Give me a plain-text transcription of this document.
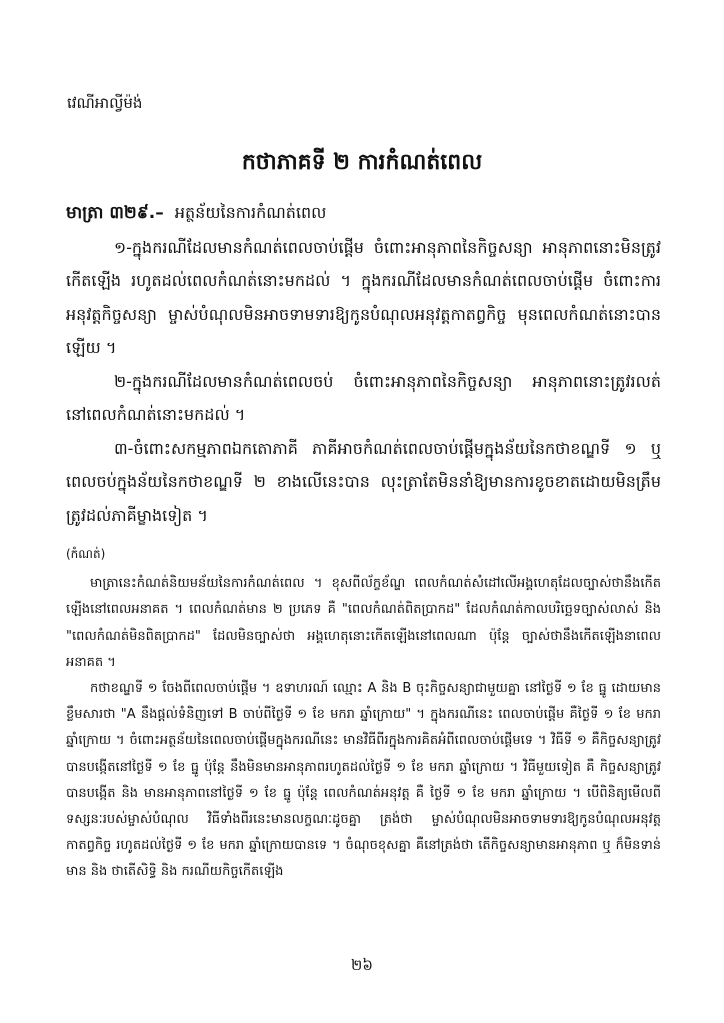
វេណីអាល្វីម៉ង់
កថាភាគទី ២ ការកំណត់ពេល

មាត្រា ៣២៩.– អត្ថន័យនៃការកំណត់ពេល

១-ក្នុងករណីដែលមានកំណត់ពេលចាប់ផ្តើម ចំពោះអានុភាពនៃកិច្ចសន្យា អានុភាពនោះមិនត្រូវកើតឡើង រហូតដល់ពេលកំណត់នោះមកដល់ ។ ក្នុងករណីដែលមានកំណត់ពេលចាប់ផ្តើម ចំពោះការអនុវត្តកិច្ចសន្យា ម្ចាស់បំណុលមិនអាចទាមទារឱ្យកូនបំណុលអនុវត្តកាតព្វកិច្ច មុនពេលកំណត់នោះបានឡើយ ។

២-ក្នុងករណីដែលមានកំណត់ពេលចប់ ចំពោះអានុភាពនៃកិច្ចសន្យា អានុភាពនោះត្រូវរលត់នៅពេលកំណត់នោះមកដល់ ។

៣-ចំពោះសកម្មភាពឯកតោភាគី ភាគីអាចកំណត់ពេលចាប់ផ្តើមក្នុងន័យនៃកថាខណ្ឌទី ១ ឬ ពេលចប់ក្នុងន័យនៃកថាខណ្ឌទី ២ ខាងលើនេះបាន លុះត្រាតែមិននាំឱ្យមានការខូចខាតដោយមិនត្រឹមត្រូវដល់ភាគីម្ខាងទៀត ។

(កំណត់)

មាត្រានេះកំណត់និយមន័យនៃការកំណត់ពេល ។ ខុសពីល័ក្ខខ័ណ្ឌ ពេលកំណត់សំដៅលើអង្គហេតុដែលច្បាស់ថានឹងកើតឡើងនៅពេលអនាគត ។ ពេលកំណត់មាន ២ ប្រភេទ គឺ "ពេលកំណត់ពិតប្រាកដ" ដែលកំណត់កាលបរិច្ឆេទច្បាស់លាស់ និង "ពេលកំណត់មិនពិតប្រាកដ" ដែលមិនច្បាស់ថា អង្គហេតុនោះកើតឡើងនៅពេលណា ប៉ុន្តែ ច្បាស់ថានឹងកើតឡើងនាពេលអនាគត ។

កថាខណ្ឌទី ១ ចែងពីពេលចាប់ផ្តើម ។ ឧទាហរណ៍ ឈ្មោះ A និង B ចុះកិច្ចសន្យាជាមួយគ្នា នៅថ្ងៃទី ១ ខែ ធ្នូ ដោយមានខ្លឹមសារថា "A នឹងផ្តល់ទំនិញទៅ B ចាប់ពីថ្ងៃទី ១ ខែ មករា ឆ្នាំក្រោយ" ។ ក្នុងករណីនេះ ពេលចាប់ផ្តើម គឺថ្ងៃទី ១ ខែ មករា ឆ្នាំក្រោយ ។ ចំពោះអត្ថន័យនៃពេលចាប់ផ្តើមក្នុងករណីនេះ មានវិធីពីរក្នុងការគិតអំពីពេលចាប់ផ្តើមទេ ។ វិធីទី ១ គឺកិច្ចសន្យាត្រូវបានបង្កើតនៅថ្ងៃទី ១ ខែ ធ្នូ ប៉ុន្តែ នឹងមិនមានអានុភាពរហូតដល់ថ្ងៃទី ១ ខែ មករា ឆ្នាំក្រោយ ។ វិធីមួយទៀត គឺ កិច្ចសន្យាត្រូវបានបង្កើត និង មានអានុភាពនៅថ្ងៃទី ១ ខែ ធ្នូ ប៉ុន្តែ ពេលកំណត់អនុវត្ត គឺ ថ្ងៃទី ១ ខែ មករា ឆ្នាំក្រោយ ។ បើពិនិត្យមើលពីទស្សនៈរបស់ម្ចាស់បំណុល វិធីទាំងពីរនេះមានលក្ខណៈដូចគ្នា ត្រង់ថា ម្ចាស់បំណុលមិនអាចទាមទារឱ្យកូនបំណុលអនុវត្តកាតព្វកិច្ច រហូតដល់ថ្ងៃទី ១ ខែ មករា ឆ្នាំក្រោយបានទេ ។ ចំណុចខុសគ្នា គឺនៅត្រង់ថា តើកិច្ចសន្យាមានអានុភាព ឬ ក៏មិនទាន់មាន និង ថាតើសិទ្ធិ និង ករណីយកិច្ចកើតឡើង

២៦
